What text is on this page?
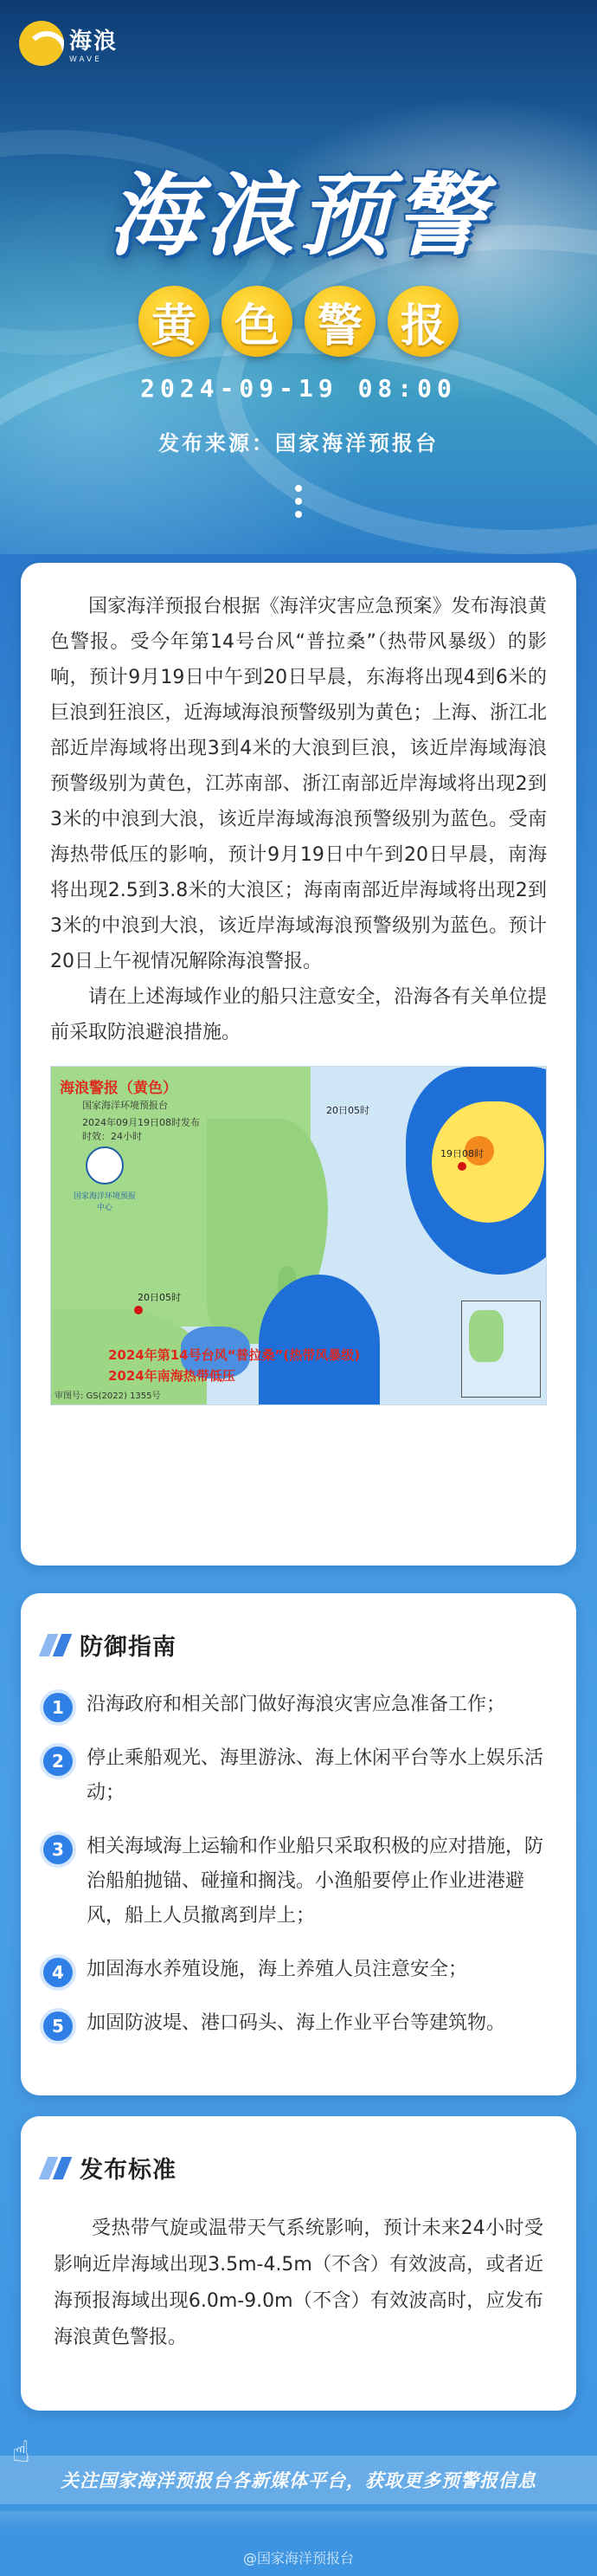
海浪
WAVE
海浪预警
黄 色 警 报
2024-09-19 08:00
发布来源：国家海洋预报台

国家海洋预报台根据《海洋灾害应急预案》发布海浪黄色警报。受今年第14号台风“普拉桑”（热带风暴级）的影响，预计9月19日中午到20日早晨，东海将出现4到6米的巨浪到狂浪区，近海域海浪预警级别为黄色；上海、浙江北部近岸海域将出现3到4米的大浪到巨浪，该近岸海域海浪预警级别为黄色，江苏南部、浙江南部近岸海域将出现2到3米的中浪到大浪，该近岸海域海浪预警级别为蓝色。受南海热带低压的影响，预计9月19日中午到20日早晨，南海将出现2.5到3.8米的大浪区；海南南部近岸海域将出现2到3米的中浪到大浪，该近岸海域海浪预警级别为蓝色。预计20日上午视情况解除海浪警报。

请在上述海域作业的船只注意安全，沿海各有关单位提前采取防浪避浪措施。

海浪警报（黄色）
国家海洋环境预报台
2024年09月19日08时发布
时效：24小时
国家海洋环境预报中心
20日05时
20日05时
19日08时
2024年第14号台风“普拉桑”(热带风暴级)
2024年南海热带低压
审图号: GS(2022) 1355号
防御指南
1	沿海政府和相关部门做好海浪灾害应急准备工作；
2	停止乘船观光、海里游泳、海上休闲平台等水上娱乐活动；
3	相关海域海上运输和作业船只采取积极的应对措施，防治船舶抛锚、碰撞和搁浅。小渔船要停止作业进港避风，船上人员撤离到岸上；
4	加固海水养殖设施，海上养殖人员注意安全；
5	加固防波堤、港口码头、海上作业平台等建筑物。
发布标准

受热带气旋或温带天气系统影响，预计未来24小时受影响近岸海域出现3.5m-4.5m（不含）有效波高，或者近海预报海域出现6.0m-9.0m（不含）有效波高时，应发布海浪黄色警报。

☝
关注国家海洋预报台各新媒体平台，获取更多预警报信息
@国家海洋预报台
